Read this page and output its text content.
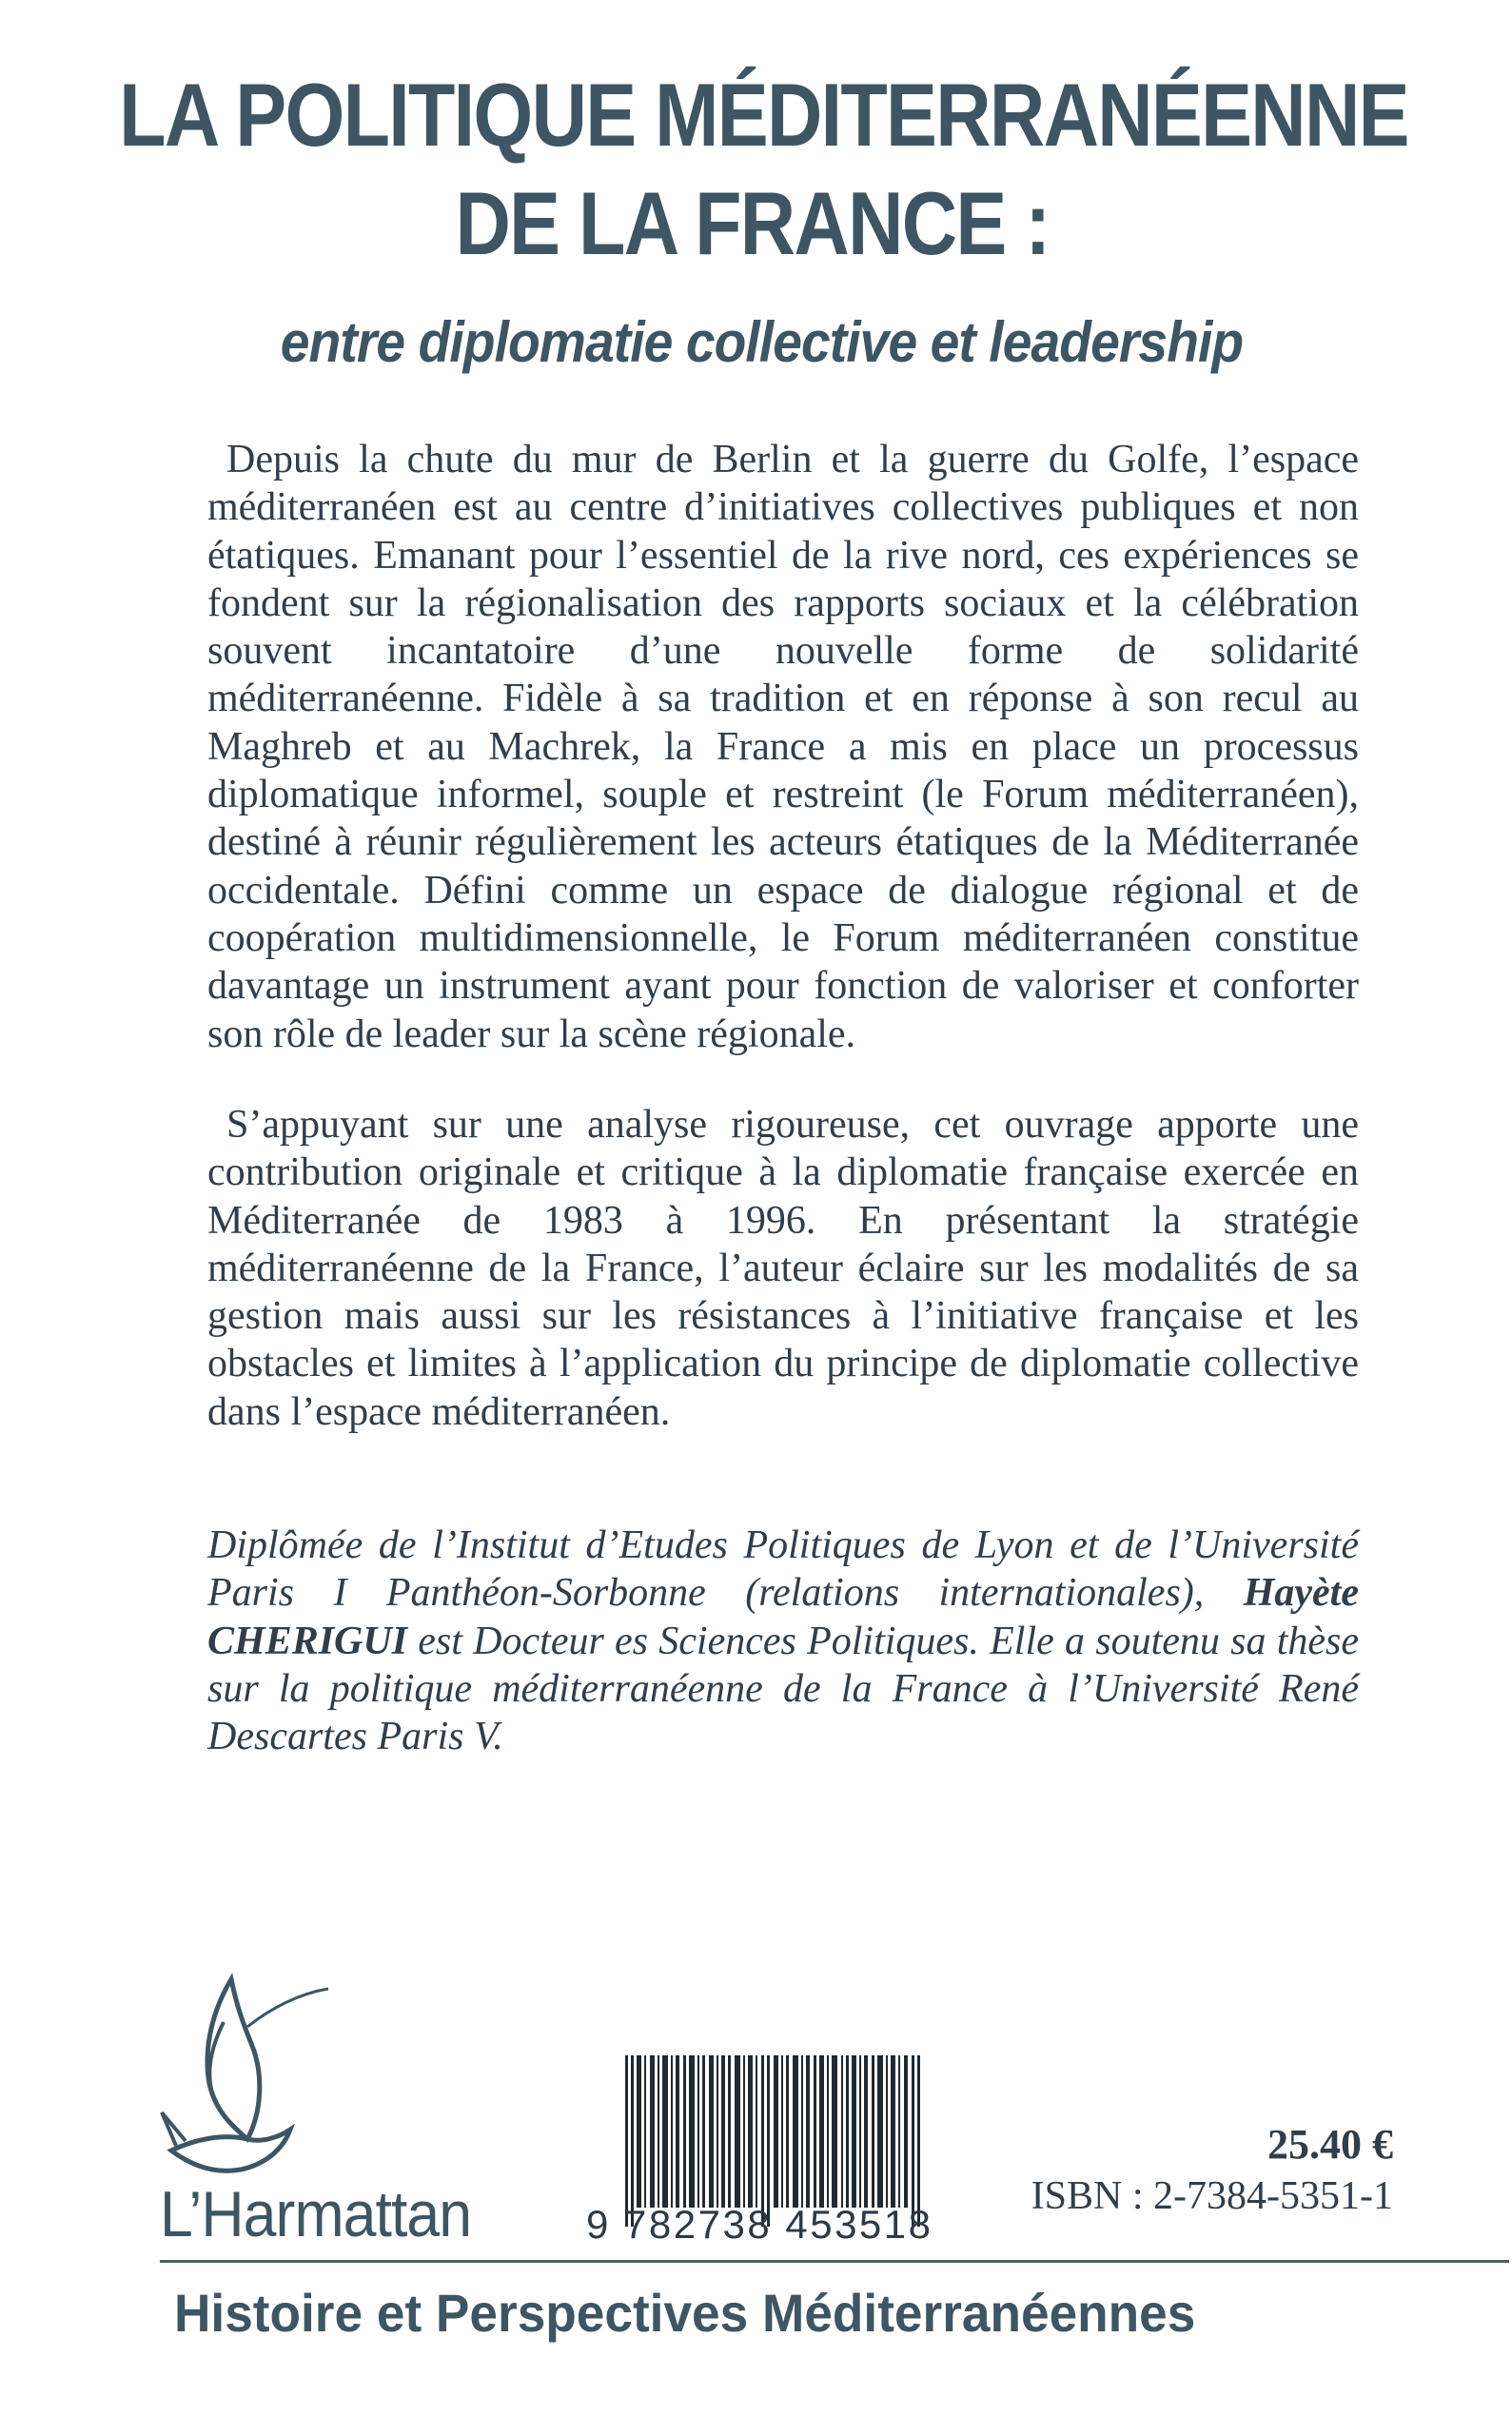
LA POLITIQUE MÉDITERRANÉENNE
DE LA FRANCE :
entre diplomatie collective et leadership

Depuis la chute du mur de Berlin et la guerre du Golfe, l’espace méditerranéen est au centre d’initiatives collectives publiques et non étatiques. Emanant pour l’essentiel de la rive nord, ces expériences se fondent sur la régionalisation des rapports sociaux et la célébration souvent incantatoire d’une nouvelle forme de solidarité méditerranéenne. Fidèle à sa tradition et en réponse à son recul au Maghreb et au Machrek, la France a mis en place un processus diplomatique informel, souple et restreint (le Forum méditerranéen), destiné à réunir régulièrement les acteurs étatiques de la Méditerranée occidentale. Défini comme un espace de dialogue régional et de coopération multidimensionnelle, le Forum méditerranéen constitue davantage un instrument ayant pour fonction de valoriser et conforter son rôle de leader sur la scène régionale.

S’appuyant sur une analyse rigoureuse, cet ouvrage apporte une contribution originale et critique à la diplomatie française exercée en Méditerranée de 1983 à 1996. En présentant la stratégie méditerranéenne de la France, l’auteur éclaire sur les modalités de sa gestion mais aussi sur les résistances à l’initiative française et les obstacles et limites à l’application du principe de diplomatie collective dans l’espace méditerranéen.

Diplômée de l’Institut d’Etudes Politiques de Lyon et de l’Université Paris I Panthéon-Sorbonne (relations internationales), Hayète CHERIGUI est Docteur es Sciences Politiques. Elle a soutenu sa thèse sur la politique méditerranéenne de la France à l’Université René Descartes Paris V.

L’Harmattan	9 782738 453518

25.40 €

ISBN : 2-7384-5351-1

Histoire et Perspectives Méditerranéennes
